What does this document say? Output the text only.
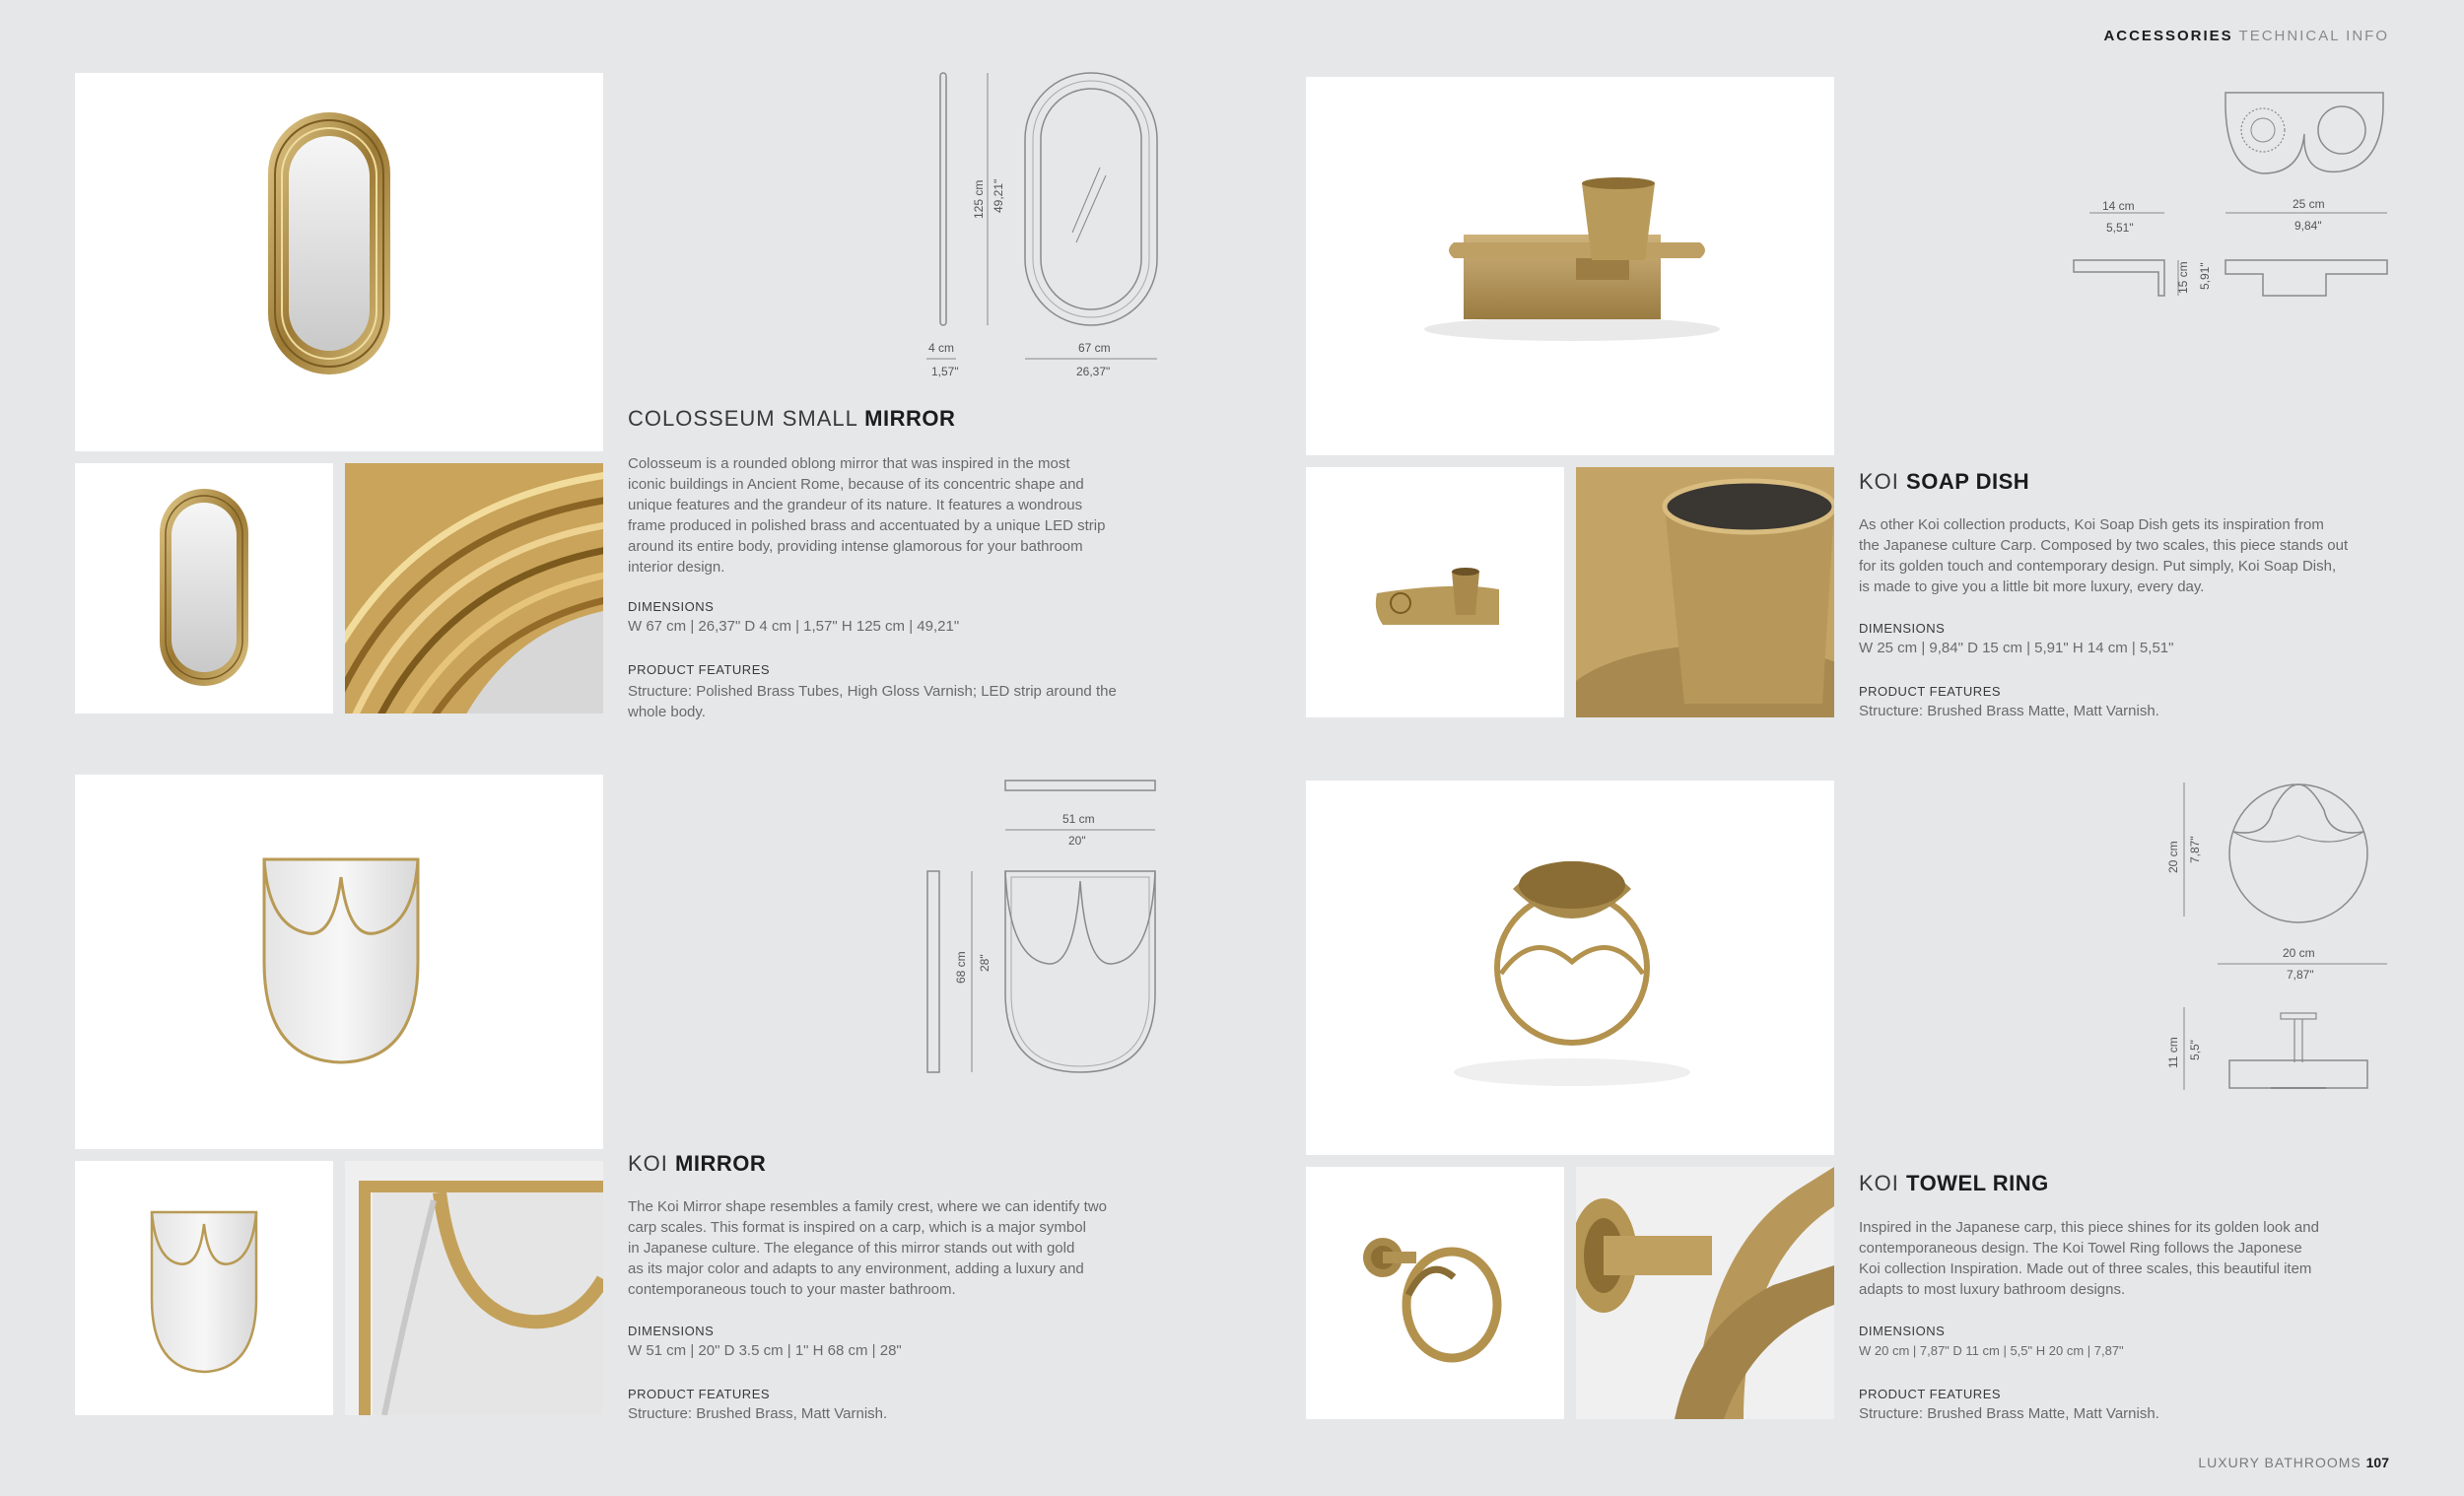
ACCESSORIES TECHNICAL INFO
125 cm 49,21"
4 cm
1,57"
67 cm
26,37"
COLOSSEUM SMALL MIRROR
Colosseum is a rounded oblong mirror that was inspired in the most
iconic buildings in Ancient Rome, because of its concentric shape and
unique features and the grandeur of its nature. It features a wondrous
frame produced in polished brass and accentuated by a unique LED strip
around its entire body, providing intense glamorous for your bathroom
interior design.
DIMENSIONS
W 67 cm | 26,37" D 4 cm | 1,57" H 125 cm | 49,21"
PRODUCT FEATURES
Structure: Polished Brass Tubes, High Gloss Varnish; LED strip around the
whole body.
14 cm
5,51"
25 cm
9,84"
15 cm 5,91"
KOI SOAP DISH
As other Koi collection products, Koi Soap Dish gets its inspiration from
the Japanese culture Carp. Composed by two scales, this piece stands out
for its golden touch and contemporary design. Put simply, Koi Soap Dish,
is made to give you a little bit more luxury, every day.
DIMENSIONS
W 25 cm | 9,84" D 15 cm | 5,91" H 14 cm | 5,51"
PRODUCT FEATURES
Structure: Brushed Brass Matte, Matt Varnish.
51 cm
20"
68 cm 28"
KOI MIRROR
The Koi Mirror shape resembles a family crest, where we can identify two
carp scales. This format is inspired on a carp, which is a major symbol
in Japanese culture. The elegance of this mirror stands out with gold
as its major color and adapts to any environment, adding a luxury and
contemporaneous touch to your master bathroom.
DIMENSIONS
W 51 cm | 20" D 3.5 cm | 1" H 68 cm | 28"
PRODUCT FEATURES
Structure: Brushed Brass, Matt Varnish.
20 cm 7,87"
20 cm
7,87"
11 cm 5,5"
KOI TOWEL RING
Inspired in the Japanese carp, this piece shines for its golden look and
contemporaneous design. The Koi Towel Ring follows the Japonese
Koi collection Inspiration. Made out of three scales, this beautiful item
adapts to most luxury bathroom designs.
DIMENSIONS
W 20 cm | 7,87" D 11 cm | 5,5" H 20 cm | 7,87"
PRODUCT FEATURES
Structure: Brushed Brass Matte, Matt Varnish.
LUXURY BATHROOMS 107
